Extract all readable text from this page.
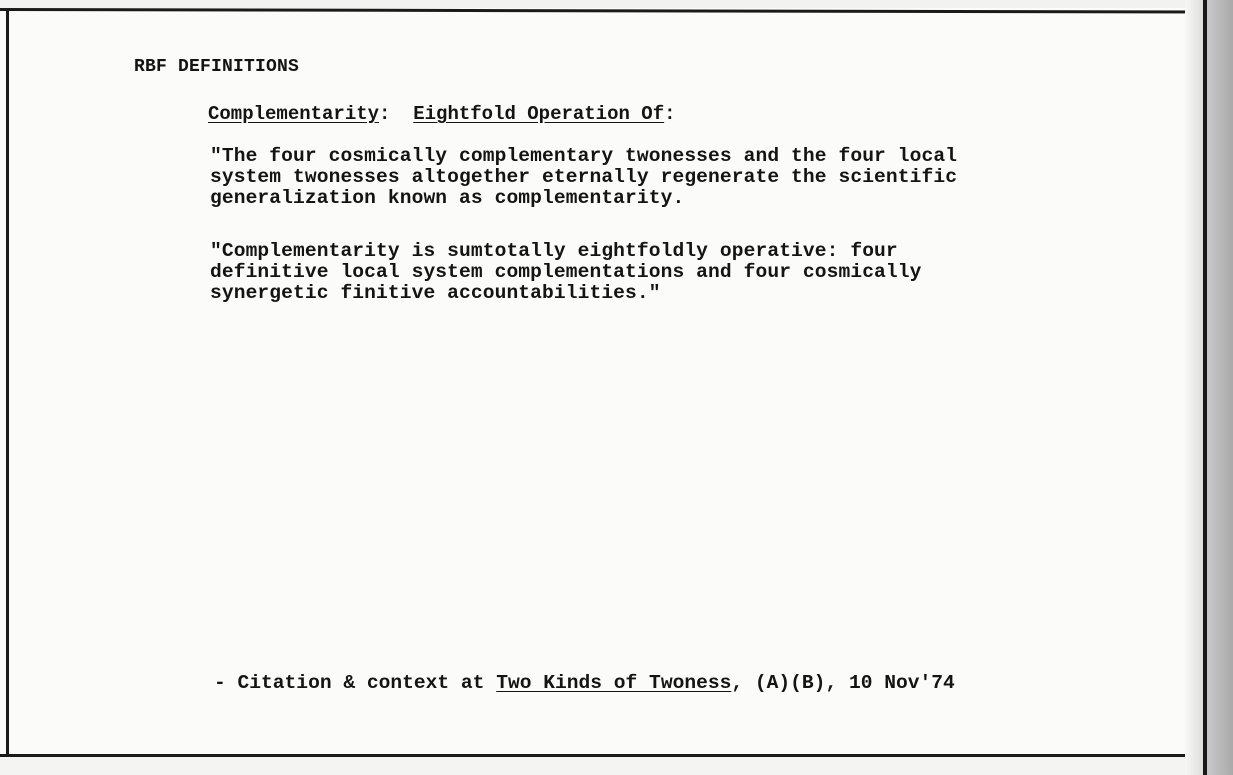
RBF DEFINITIONS
Complementarity: Eightfold Operation Of:
"The four cosmically complementary twonesses and the four local
system twonesses altogether eternally regenerate the scientific
generalization known as complementarity.
"Complementarity is sumtotally eightfoldly operative: four
definitive local system complementations and four cosmically
synergetic finitive accountabilities."
- Citation & context at Two Kinds of Twoness, (A)(B), 10 Nov'74
